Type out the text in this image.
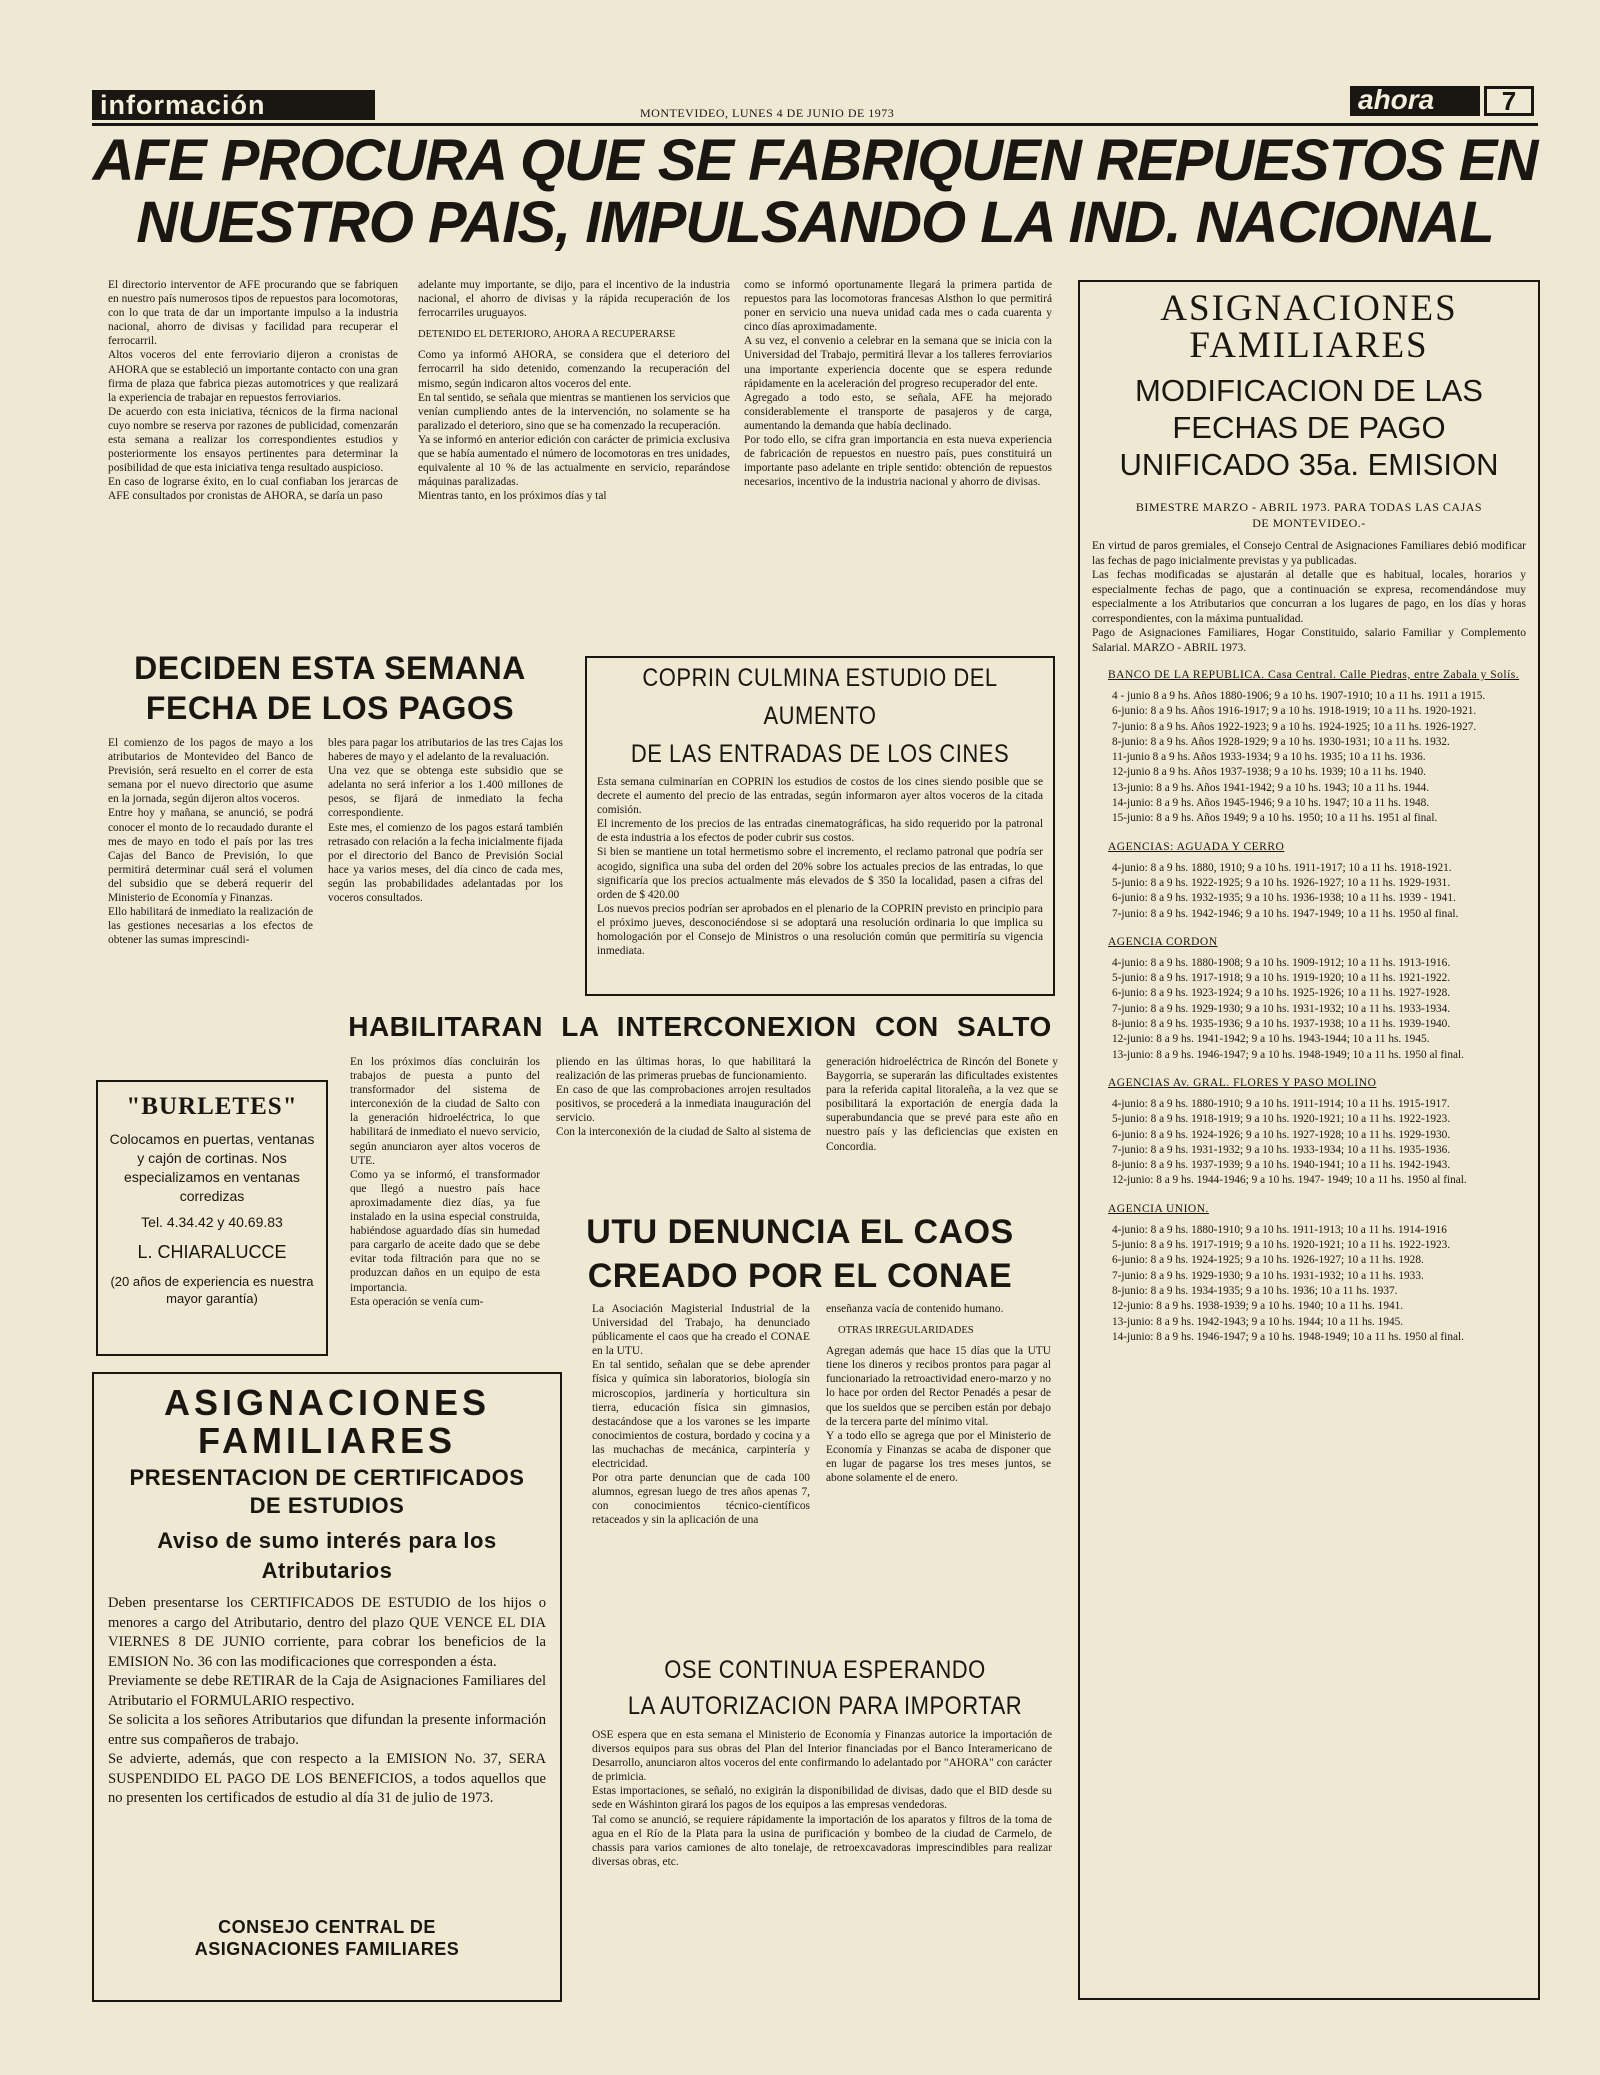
información	MONTEVIDEO, LUNES 4 DE JUNIO DE 1973	ahora	7
AFE PROCURA QUE SE FABRIQUEN REPUESTOS EN
NUESTRO PAIS, IMPULSANDO LA IND. NACIONAL

El directorio interventor de AFE procurando que se fabriquen en nuestro país numerosos tipos de repuestos para locomotoras, con lo que trata de dar un importante impulso a la industria nacional, ahorro de divisas y facilidad para recuperar el ferrocarril.
Altos voceros del ente ferroviario dijeron a cronistas de AHORA que se estableció un importante contacto con una gran firma de plaza que fabrica piezas automotrices y que realizará la experiencia de trabajar en repuestos ferroviarios.
De acuerdo con esta iniciativa, técnicos de la firma nacional cuyo nombre se reserva por razones de publicidad, comenzarán esta semana a realizar los correspondientes estudios y posteriormente los ensayos pertinentes para determinar la posibilidad de que esta iniciativa tenga resultado auspicioso.
En caso de lograrse éxito, en lo cual confiaban los jerarcas de AFE consultados por cronistas de AHORA, se daría un paso

adelante muy importante, se dijo, para el incentivo de la industria nacional, el ahorro de divisas y la rápida recuperación de los ferrocarriles uruguayos.

DETENIDO EL DETERIORO, AHORA A RECUPERARSE

Como ya informó AHORA, se considera que el deterioro del ferrocarril ha sido detenido, comenzando la recuperación del mismo, según indicaron altos voceros del ente.
En tal sentido, se señala que mientras se mantienen los servicios que venían cumpliendo antes de la intervención, no solamente se ha paralizado el deterioro, sino que se ha comenzado la recuperación.
Ya se informó en anterior edición con carácter de primicia exclusiva que se había aumentado el número de locomotoras en tres unidades, equivalente al 10 % de las actualmente en servicio, reparándose máquinas paralizadas.
Mientras tanto, en los próximos días y tal

como se informó oportunamente llegará la primera partida de repuestos para las locomotoras francesas Alsthon lo que permitirá poner en servicio una nueva unidad cada mes o cada cuarenta y cinco días aproximadamente.
A su vez, el convenio a celebrar en la semana que se inicia con la Universidad del Trabajo, permitirá llevar a los talleres ferroviarios una importante experiencia docente que se espera redunde rápidamente en la aceleración del progreso recuperador del ente.
Agregado a todo esto, se señala, AFE ha mejorado considerablemente el transporte de pasajeros y de carga, aumentando la demanda que había declinado.
Por todo ello, se cifra gran importancia en esta nueva experiencia de fabricación de repuestos en nuestro país, pues constituirá un importante paso adelante en triple sentido: obtención de repuestos necesarios, incentivo de la industria nacional y ahorro de divisas.

DECIDEN ESTA SEMANA
FECHA DE LOS PAGOS

El comienzo de los pagos de mayo a los atributarios de Montevideo del Banco de Previsión, será resuelto en el correr de esta semana por el nuevo directorio que asume en la jornada, según dijeron altos voceros.
Entre hoy y mañana, se anunció, se podrá conocer el monto de lo recaudado durante el mes de mayo en todo el país por las tres Cajas del Banco de Previsión, lo que permitirá determinar cuál será el volumen del subsidio que se deberá requerir del Ministerio de Economía y Finanzas.
Ello habilitará de inmediato la realización de las gestiones necesarias a los efectos de obtener las sumas imprescindi-

bles para pagar los atributarios de las tres Cajas los haberes de mayo y el adelanto de la revaluación.
Una vez que se obtenga este subsidio que se adelanta no será inferior a los 1.400 millones de pesos, se fijará de inmediato la fecha correspondiente.
Este mes, el comienzo de los pagos estará también retrasado con relación a la fecha inicialmente fijada por el directorio del Banco de Previsión Social hace ya varios meses, del día cinco de cada mes, según las probabilidades adelantadas por los voceros consultados.

COPRIN CULMINA ESTUDIO DEL AUMENTO
DE LAS ENTRADAS DE LOS CINES

Esta semana culminarían en COPRIN los estudios de costos de los cines siendo posible que se decrete el aumento del precio de las entradas, según informaron ayer altos voceros de la citada comisión.
El incremento de los precios de las entradas cinematográficas, ha sido requerido por la patronal de esta industria a los efectos de poder cubrir sus costos.
Si bien se mantiene un total hermetismo sobre el incremento, el reclamo patronal que podría ser acogido, significa una suba del orden del 20% sobre los actuales precios de las entradas, lo que significaría que los precios actualmente más elevados de $ 350 la localidad, pasen a cifras del orden de $ 420.00
Los nuevos precios podrían ser aprobados en el plenario de la COPRIN previsto en principio para el próximo jueves, desconociéndose si se adoptará una resolución ordinaria lo que implica su homologación por el Consejo de Ministros o una resolución común que permitiría su vigencia inmediata.

HABILITARAN LA INTERCONEXION CON SALTO

En los próximos días concluirán los trabajos de puesta a punto del transformador del sistema de interconexión de la ciudad de Salto con la generación hidroeléctrica, lo que habilitará de inmediato el nuevo servicio, según anunciaron ayer altos voceros de UTE.
Como ya se informó, el transformador que llegó a nuestro país hace aproximadamente diez días, ya fue instalado en la usina especial construida, habiéndose aguardado días sin humedad para cargarlo de aceite dado que se debe evitar toda filtración para que no se produzcan daños en un equipo de esta importancia.
Esta operación se venía cum-

pliendo en las últimas horas, lo que habilitará la realización de las primeras pruebas de funcionamiento.
En caso de que las comprobaciones arrojen resultados positivos, se procederá a la inmediata inauguración del servicio.
Con la interconexión de la ciudad de Salto al sistema de

generación hidroeléctrica de Rincón del Bonete y Baygorria, se superarán las dificultades existentes para la referida capital litoraleña, a la vez que se posibilitará la exportación de energía dada la superabundancia que se prevé para este año en nuestro país y las deficiencias que existen en Concordia.

"BURLETES"

Colocamos en puertas, ventanas y cajón de cortinas. Nos especializamos en ventanas corredizas

Tel. 4.34.42 y 40.69.83
L. CHIARALUCCE

(20 años de experiencia es nuestra mayor garantía)

UTU DENUNCIA EL CAOS
CREADO POR EL CONAE

La Asociación Magisterial Industrial de la Universidad del Trabajo, ha denunciado públicamente el caos que ha creado el CONAE en la UTU.
En tal sentido, señalan que se debe aprender física y química sin laboratorios, biología sin microscopios, jardinería y horticultura sin tierra, educación física sin gimnasios, destacándose que a los varones se les imparte conocimientos de costura, bordado y cocina y a las muchachas de mecánica, carpintería y electricidad.
Por otra parte denuncian que de cada 100 alumnos, egresan luego de tres años apenas 7, con conocimientos técnico-científicos retaceados y sin la aplicación de una

enseñanza vacía de contenido humano.

OTRAS IRREGULARIDADES

Agregan además que hace 15 días que la UTU tiene los dineros y recibos prontos para pagar al funcionariado la retroactividad enero-marzo y no lo hace por orden del Rector Penadés a pesar de que los sueldos que se perciben están por debajo de la tercera parte del mínimo vital.
Y a todo ello se agrega que por el Ministerio de Economía y Finanzas se acaba de disponer que en lugar de pagarse los tres meses juntos, se abone solamente el de enero.

ASIGNACIONES
FAMILIARES
PRESENTACION DE CERTIFICADOS
DE ESTUDIOS
Aviso de sumo interés para los
Atributarios

Deben presentarse los CERTIFICADOS DE ESTUDIO de los hijos o menores a cargo del Atributario, dentro del plazo QUE VENCE EL DIA VIERNES 8 DE JUNIO corriente, para cobrar los beneficios de la EMISION No. 36 con las modificaciones que corresponden a ésta.
Previamente se debe RETIRAR de la Caja de Asignaciones Familiares del Atributario el FORMULARIO respectivo.
Se solicita a los señores Atributarios que difundan la presente información entre sus compañeros de trabajo.
Se advierte, además, que con respecto a la EMISION No. 37, SERA SUSPENDIDO EL PAGO DE LOS BENEFICIOS, a todos aquellos que no presenten los certificados de estudio al día 31 de julio de 1973.

CONSEJO CENTRAL DE
ASIGNACIONES FAMILIARES
OSE CONTINUA ESPERANDO
LA AUTORIZACION PARA IMPORTAR

OSE espera que en esta semana el Ministerio de Economía y Finanzas autorice la importación de diversos equipos para sus obras del Plan del Interior financiadas por el Banco Interamericano de Desarrollo, anunciaron altos voceros del ente confirmando lo adelantado por "AHORA" con carácter de primicia.
Estas importaciones, se señaló, no exigirán la disponibilidad de divisas, dado que el BID desde su sede en Wáshinton girará los pagos de los equipos a las empresas vendedoras.
Tal como se anunció, se requiere rápidamente la importación de los aparatos y filtros de la toma de agua en el Río de la Plata para la usina de purificación y bombeo de la ciudad de Carmelo, de chassis para varios camiones de alto tonelaje, de retroexcavadoras imprescindibles para realizar diversas obras, etc.

ASIGNACIONES
FAMILIARES
MODIFICACION DE LAS
FECHAS DE PAGO
UNIFICADO 35a. EMISION

BIMESTRE MARZO - ABRIL 1973. PARA TODAS LAS CAJAS DE MONTEVIDEO.-

En virtud de paros gremiales, el Consejo Central de Asignaciones Familiares debió modificar las fechas de pago inicialmente previstas y ya publicadas.
Las fechas modificadas se ajustarán al detalle que es habitual, locales, horarios y especialmente fechas de pago, que a continuación se expresa, recomendándose muy especialmente a los Atributarios que concurran a los lugares de pago, en los días y horas correspondientes, con la máxima puntualidad.
Pago de Asignaciones Familiares, Hogar Constituido, salario Familiar y Complemento Salarial. MARZO - ABRIL 1973.

BANCO DE LA REPUBLICA. Casa Central. Calle Piedras, entre Zabala y Solís.
4 - junio 8 a 9 hs. Años 1880-1906; 9 a 10 hs. 1907-1910; 10 a 11 hs. 1911 a 1915.
6-junio: 8 a 9 hs. Años 1916-1917; 9 a 10 hs. 1918-1919; 10 a 11 hs. 1920-1921.
7-junio: 8 a 9 hs. Años 1922-1923; 9 a 10 hs. 1924-1925; 10 a 11 hs. 1926-1927.
8-junio: 8 a 9 hs. Años 1928-1929; 9 a 10 hs. 1930-1931; 10 a 11 hs. 1932.
11-junio 8 a 9 hs. Años 1933-1934; 9 a 10 hs. 1935; 10 a 11 hs. 1936.
12-junio 8 a 9 hs. Años 1937-1938; 9 a 10 hs. 1939; 10 a 11 hs. 1940.
13-junio: 8 a 9 hs. Años 1941-1942; 9 a 10 hs. 1943; 10 a 11 hs. 1944.
14-junio: 8 a 9 hs. Años 1945-1946; 9 a 10 hs. 1947; 10 a 11 hs. 1948.
15-junio: 8 a 9 hs. Años 1949; 9 a 10 hs. 1950; 10 a 11 hs. 1951 al final.
AGENCIAS: AGUADA Y CERRO
4-junio: 8 a 9 hs. 1880, 1910; 9 a 10 hs. 1911-1917; 10 a 11 hs. 1918-1921.
5-junio: 8 a 9 hs. 1922-1925; 9 a 10 hs. 1926-1927; 10 a 11 hs. 1929-1931.
6-junio: 8 a 9 hs. 1932-1935; 9 a 10 hs. 1936-1938; 10 a 11 hs. 1939 - 1941.
7-junio: 8 a 9 hs. 1942-1946; 9 a 10 hs. 1947-1949; 10 a 11 hs. 1950 al final.
AGENCIA CORDON
4-junio: 8 a 9 hs. 1880-1908; 9 a 10 hs. 1909-1912; 10 a 11 hs. 1913-1916.
5-junio: 8 a 9 hs. 1917-1918; 9 a 10 hs. 1919-1920; 10 a 11 hs. 1921-1922.
6-junio: 8 a 9 hs. 1923-1924; 9 a 10 hs. 1925-1926; 10 a 11 hs. 1927-1928.
7-junio: 8 a 9 hs. 1929-1930; 9 a 10 hs. 1931-1932; 10 a 11 hs. 1933-1934.
8-junio: 8 a 9 hs. 1935-1936; 9 a 10 hs. 1937-1938; 10 a 11 hs. 1939-1940.
12-junio: 8 a 9 hs. 1941-1942; 9 a 10 hs. 1943-1944; 10 a 11 hs. 1945.
13-junio: 8 a 9 hs. 1946-1947; 9 a 10 hs. 1948-1949; 10 a 11 hs. 1950 al final.
AGENCIAS Av. GRAL. FLORES Y PASO MOLINO
4-junio: 8 a 9 hs. 1880-1910; 9 a 10 hs. 1911-1914; 10 a 11 hs. 1915-1917.
5-junio: 8 a 9 hs. 1918-1919; 9 a 10 hs. 1920-1921; 10 a 11 hs. 1922-1923.
6-junio: 8 a 9 hs. 1924-1926; 9 a 10 hs. 1927-1928; 10 a 11 hs. 1929-1930.
7-junio: 8 a 9 hs. 1931-1932; 9 a 10 hs. 1933-1934; 10 a 11 hs. 1935-1936.
8-junio: 8 a 9 hs. 1937-1939; 9 a 10 hs. 1940-1941; 10 a 11 hs. 1942-1943.
12-junio: 8 a 9 hs. 1944-1946; 9 a 10 hs. 1947- 1949; 10 a 11 hs. 1950 al final.
AGENCIA UNION.
4-junio: 8 a 9 hs. 1880-1910; 9 a 10 hs. 1911-1913; 10 a 11 hs. 1914-1916
5-junio: 8 a 9 hs. 1917-1919; 9 a 10 hs. 1920-1921; 10 a 11 hs. 1922-1923.
6-junio: 8 a 9 hs. 1924-1925; 9 a 10 hs. 1926-1927; 10 a 11 hs. 1928.
7-junio: 8 a 9 hs. 1929-1930; 9 a 10 hs. 1931-1932; 10 a 11 hs. 1933.
8-junio: 8 a 9 hs. 1934-1935; 9 a 10 hs. 1936; 10 a 11 hs. 1937.
12-junio: 8 a 9 hs. 1938-1939; 9 a 10 hs. 1940; 10 a 11 hs. 1941.
13-junio: 8 a 9 hs. 1942-1943; 9 a 10 hs. 1944; 10 a 11 hs. 1945.
14-junio: 8 a 9 hs. 1946-1947; 9 a 10 hs. 1948-1949; 10 a 11 hs. 1950 al final.
